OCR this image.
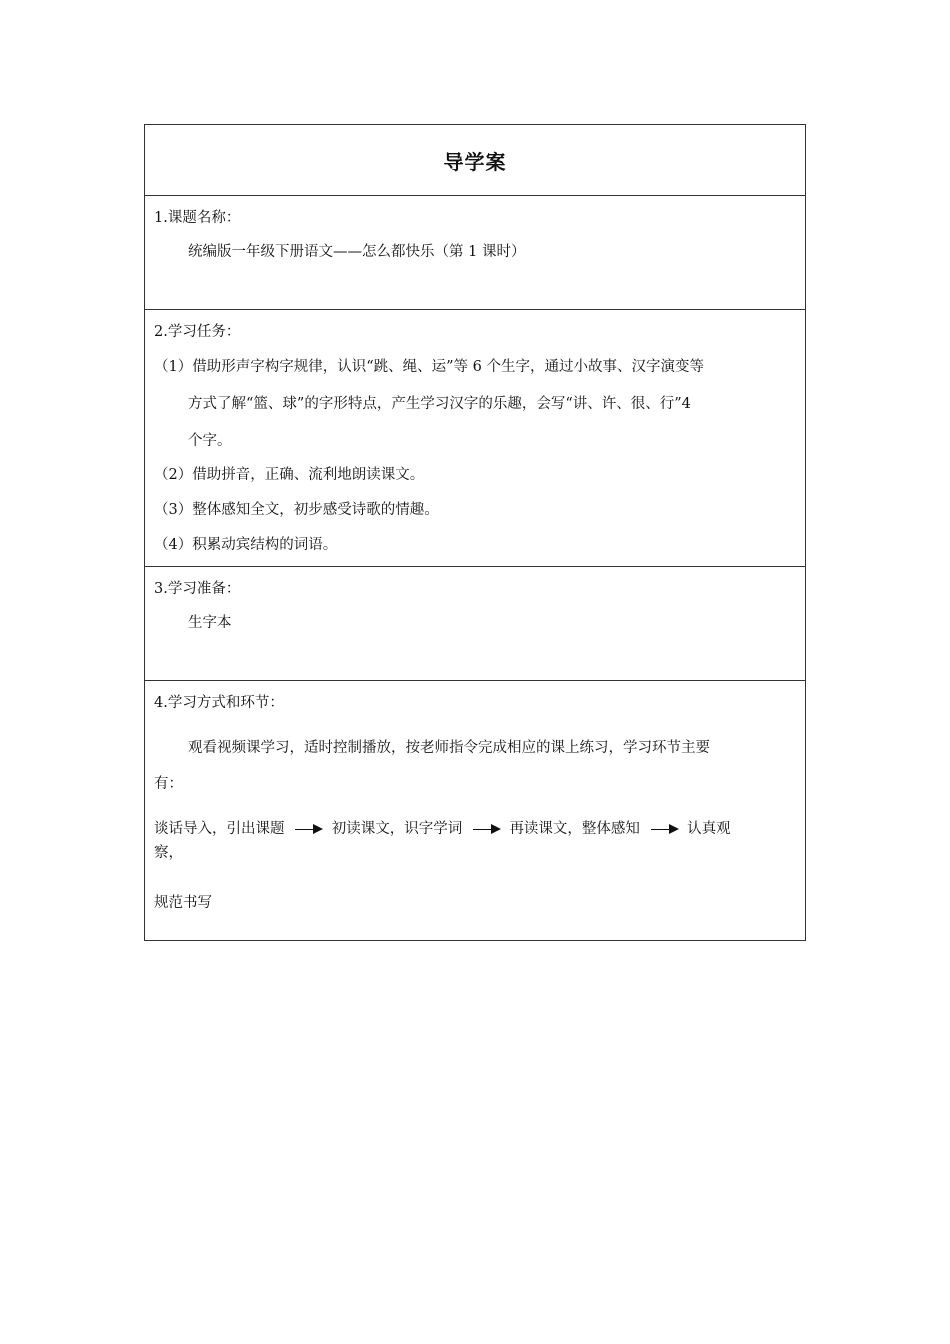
导学案
1.课题名称：
统编版一年级下册语文——怎么都快乐（第 1 课时）
2.学习任务：
（1）借助形声字构字规律，认识“跳、绳、运”等 6 个生字，通过小故事、汉字演变等
方式了解“篮、球”的字形特点，产生学习汉字的乐趣，会写“讲、许、很、行”4
个字。
（2）借助拼音，正确、流利地朗读课文。
（3）整体感知全文，初步感受诗歌的情趣。
（4）积累动宾结构的词语。
3.学习准备：
生字本
4.学习方式和环节：
观看视频课学习，适时控制播放，按老师指令完成相应的课上练习，学习环节主要
有：
谈话导入，引出课题	初读课文，识字学词	再读课文，整体感知	认真观
察，
规范书写
